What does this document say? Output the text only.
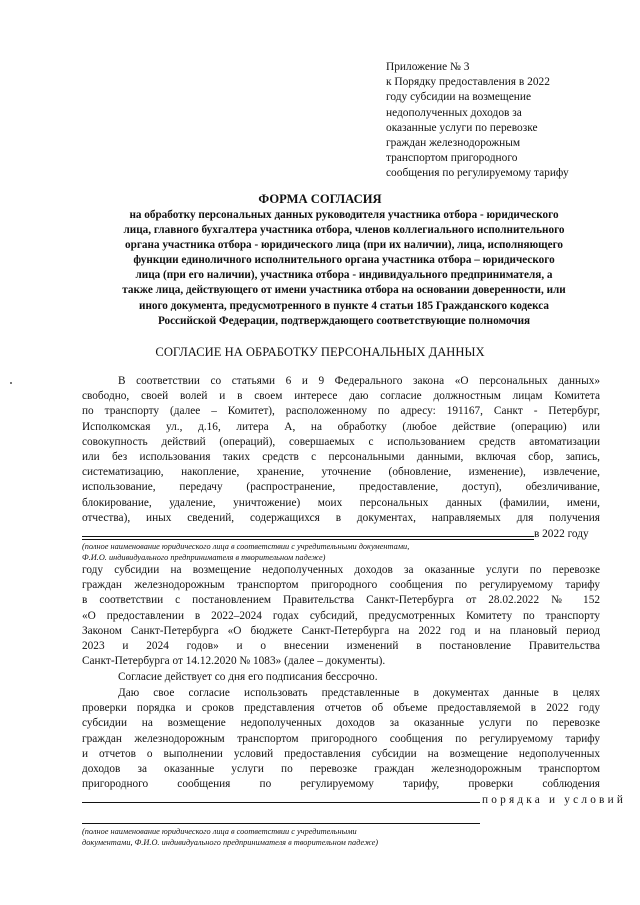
Приложение № 3
к Порядку предоставления в 2022
году субсидии на возмещение
недополученных доходов за
оказанные услуги по перевозке
граждан железнодорожным
транспортом пригородного
сообщения по регулируемому тарифу
ФОРМА СОГЛАСИЯ
на обработку персональных данных руководителя участника отбора - юридического
лица, главного бухгалтера участника отбора, членов коллегиального исполнительного
органа участника отбора - юридического лица (при их наличии), лица, исполняющего
функции единоличного исполнительного органа участника отбора – юридического
лица (при его наличии), участника отбора - индивидуального предпринимателя, а
также лица, действующего от имени участника отбора на основании доверенности, или
иного документа, предусмотренного в пункте 4 статьи 185 Гражданского кодекса
Российской Федерации, подтверждающего соответствующие полномочия
СОГЛАСИЕ НА ОБРАБОТКУ ПЕРСОНАЛЬНЫХ ДАННЫХ
В соответствии со статьями 6 и 9 Федерального закона «О персональных данных»
свободно, своей волей и в своем интересе даю согласие должностным лицам Комитета
по транспорту (далее – Комитет), расположенному по адресу: 191167, Санкт - Петербург,
Исполкомская ул., д.16, литера А, на обработку (любое действие (операцию) или
совокупность действий (операций), совершаемых с использованием средств автоматизации
или без использования таких средств с персональными данными, включая сбор, запись,
систематизацию, накопление, хранение, уточнение (обновление, изменение), извлечение,
использование, передачу (распространение, предоставление, доступ), обезличивание,
блокирование, удаление, уничтожение) моих персональных данных (фамилии, имени,
отчества), иных сведений, содержащихся в документах, направляемых для получения
в 2022 году
(полное наименование юридического лица в соответствии с учредительными документами,
Ф.И.О. индивидуального предпринимателя в творительном падеже)
году субсидии на возмещение недополученных доходов за оказанные услуги по перевозке
граждан железнодорожным транспортом пригородного сообщения по регулируемому тарифу
в соответствии с постановлением Правительства Санкт-Петербурга от 28.02.2022 № 152
«О предоставлении в 2022–2024 годах субсидий, предусмотренных Комитету по транспорту
Законом Санкт-Петербурга «О бюджете Санкт-Петербурга на 2022 год и на плановый период
2023 и 2024 годов» и о внесении изменений в постановление Правительства
Санкт-Петербурга от 14.12.2020 № 1083» (далее – документы).
Согласие действует со дня его подписания бессрочно.
Даю свое согласие использовать представленные в документах данные в целях
проверки порядка и сроков представления отчетов об объеме предоставляемой в 2022 году
субсидии на возмещение недополученных доходов за оказанные услуги по перевозке
граждан железнодорожным транспортом пригородного сообщения по регулируемому тарифу
и отчетов о выполнении условий предоставления субсидии на возмещение недополученных
доходов за оказанные услуги по перевозке граждан железнодорожным транспортом
пригородного сообщения по регулируемому тарифу, проверки соблюдения
порядка и условий
(полное наименование юридического лица в соответствии с учредительными
документами, Ф.И.О. индивидуального предпринимателя в творительном падеже)
